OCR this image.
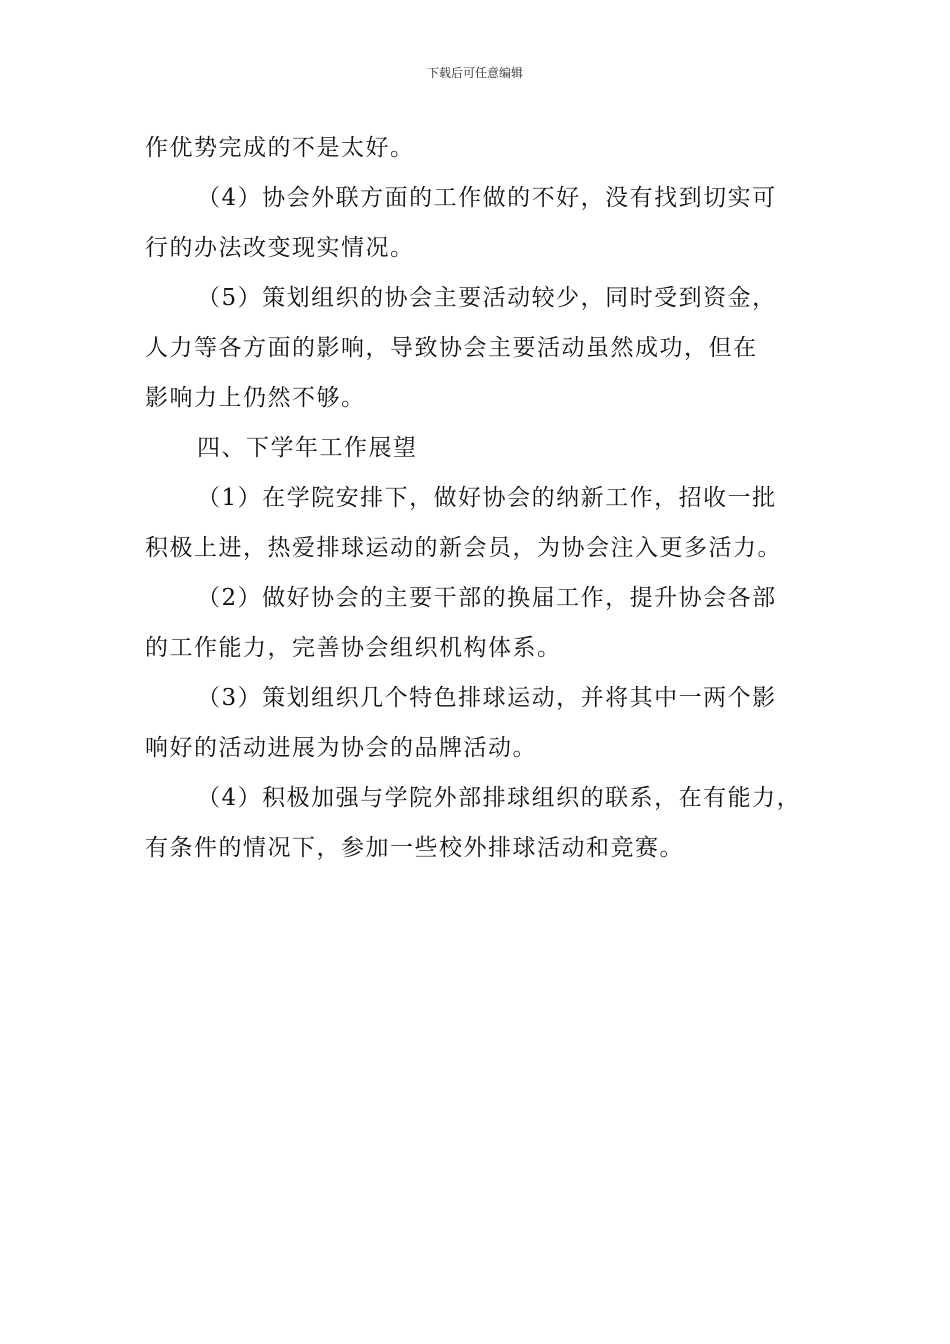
下载后可任意编辑
作优势完成的不是太好。
（4）协会外联方面的工作做的不好，没有找到切实可
行的办法改变现实情况。
（5）策划组织的协会主要活动较少，同时受到资金，
人力等各方面的影响，导致协会主要活动虽然成功，但在
影响力上仍然不够。
四、下学年工作展望
（1）在学院安排下，做好协会的纳新工作，招收一批
积极上进，热爱排球运动的新会员，为协会注入更多活力。
（2）做好协会的主要干部的换届工作，提升协会各部
的工作能力，完善协会组织机构体系。
（3）策划组织几个特色排球运动，并将其中一两个影
响好的活动进展为协会的品牌活动。
（4）积极加强与学院外部排球组织的联系，在有能力，
有条件的情况下，参加一些校外排球活动和竞赛。
